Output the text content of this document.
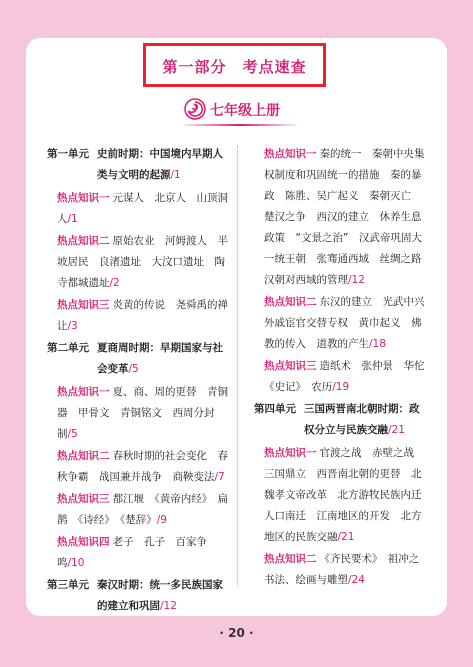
第一部分　考点速查
七年级上册
第一单元 史前时期：中国境内早期人类与文明的起源/1
热点知识一 元谋人　北京人　山顶洞人/1
热点知识二 原始农业　河姆渡人　半坡居民　良渚遗址　大汶口遗址　陶寺都城遗址/2
热点知识三 炎黄的传说　尧舜禹的禅让/3
第二单元 夏商周时期：早期国家与社会变革/5
热点知识一 夏、商、周的更替　青铜器　甲骨文　青铜铭文　西周分封制/5
热点知识二 春秋时期的社会变化　春秋争霸　战国兼并战争　商鞅变法/7
热点知识三 都江堰　《黄帝内经》　扁鹊　《诗经》　《楚辞》/9
热点知识四 老子　孔子　百家争鸣/10
第三单元 秦汉时期：统一多民族国家的建立和巩固/12
热点知识一 秦的统一　秦朝中央集权制度和巩固统一的措施　秦的暴政　陈胜、吴广起义　秦朝灭亡　楚汉之争　西汉的建立　休养生息政策　“文景之治”　汉武帝巩固大一统王朝　张骞通西域　丝绸之路　汉朝对西域的管理/12
热点知识二 东汉的建立　光武中兴　外戚宦官交替专权　黄巾起义　佛教的传入　道教的产生/18
热点知识三 造纸术　张仲景　华佗　《史记》　农历/19
第四单元 三国两晋南北朝时期：政权分立与民族交融/21
热点知识一 官渡之战　赤壁之战　三国鼎立　西晋南北朝的更替　北魏孝文帝改革　北方游牧民族内迁　人口南迁　江南地区的开发　北方地区的民族交融/21
热点知识二 《齐民要术》　祖冲之　书法、绘画与雕塑/24
· 20 ·
